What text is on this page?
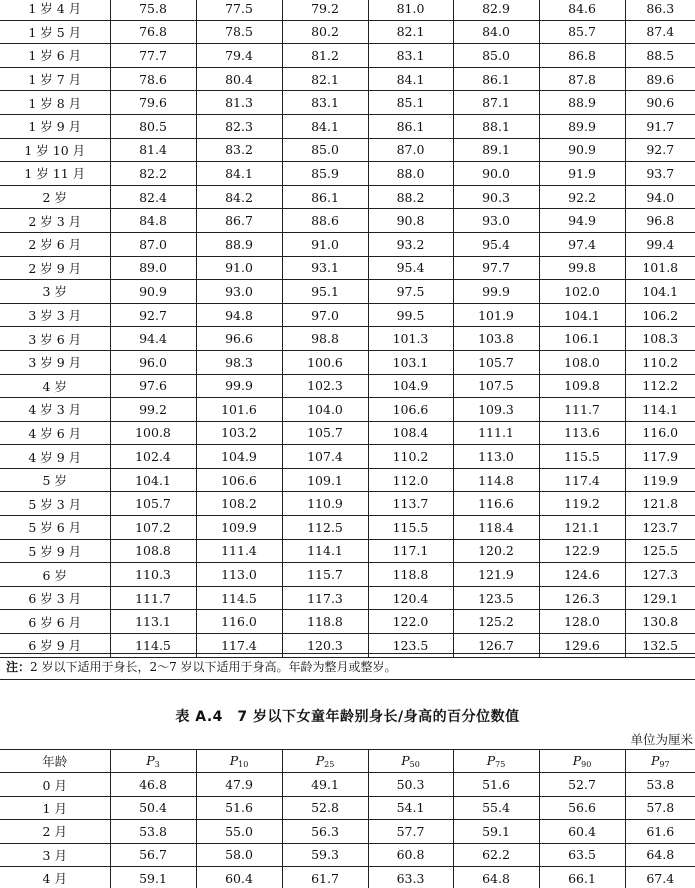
1 岁 4 月	75.8	77.5	79.2	81.0	82.9	84.6	86.3
1 岁 5 月	76.8	78.5	80.2	82.1	84.0	85.7	87.4
1 岁 6 月	77.7	79.4	81.2	83.1	85.0	86.8	88.5
1 岁 7 月	78.6	80.4	82.1	84.1	86.1	87.8	89.6
1 岁 8 月	79.6	81.3	83.1	85.1	87.1	88.9	90.6
1 岁 9 月	80.5	82.3	84.1	86.1	88.1	89.9	91.7
1 岁 10 月	81.4	83.2	85.0	87.0	89.1	90.9	92.7
1 岁 11 月	82.2	84.1	85.9	88.0	90.0	91.9	93.7
2 岁	82.4	84.2	86.1	88.2	90.3	92.2	94.0
2 岁 3 月	84.8	86.7	88.6	90.8	93.0	94.9	96.8
2 岁 6 月	87.0	88.9	91.0	93.2	95.4	97.4	99.4
2 岁 9 月	89.0	91.0	93.1	95.4	97.7	99.8	101.8
3 岁	90.9	93.0	95.1	97.5	99.9	102.0	104.1
3 岁 3 月	92.7	94.8	97.0	99.5	101.9	104.1	106.2
3 岁 6 月	94.4	96.6	98.8	101.3	103.8	106.1	108.3
3 岁 9 月	96.0	98.3	100.6	103.1	105.7	108.0	110.2
4 岁	97.6	99.9	102.3	104.9	107.5	109.8	112.2
4 岁 3 月	99.2	101.6	104.0	106.6	109.3	111.7	114.1
4 岁 6 月	100.8	103.2	105.7	108.4	111.1	113.6	116.0
4 岁 9 月	102.4	104.9	107.4	110.2	113.0	115.5	117.9
5 岁	104.1	106.6	109.1	112.0	114.8	117.4	119.9
5 岁 3 月	105.7	108.2	110.9	113.7	116.6	119.2	121.8
5 岁 6 月	107.2	109.9	112.5	115.5	118.4	121.1	123.7
5 岁 9 月	108.8	111.4	114.1	117.1	120.2	122.9	125.5
6 岁	110.3	113.0	115.7	118.8	121.9	124.6	127.3
6 岁 3 月	111.7	114.5	117.3	120.4	123.5	126.3	129.1
6 岁 6 月	113.1	116.0	118.8	122.0	125.2	128.0	130.8
6 岁 9 月	114.5	117.4	120.3	123.5	126.7	129.6	132.5
注：2 岁以下适用于身长，2～7 岁以下适用于身高。年龄为整月或整岁。
表 A.4　7 岁以下女童年龄别身长/身高的百分位数值
单位为厘米
年龄	$P_3$	$P_{10}$	$P_{25}$	$P_{50}$	$P_{75}$	$P_{90}$	$P_{97}$
0 月	46.8	47.9	49.1	50.3	51.6	52.7	53.8
1 月	50.4	51.6	52.8	54.1	55.4	56.6	57.8
2 月	53.8	55.0	56.3	57.7	59.1	60.4	61.6
3 月	56.7	58.0	59.3	60.8	62.2	63.5	64.8
4 月	59.1	60.4	61.7	63.3	64.8	66.1	67.4
